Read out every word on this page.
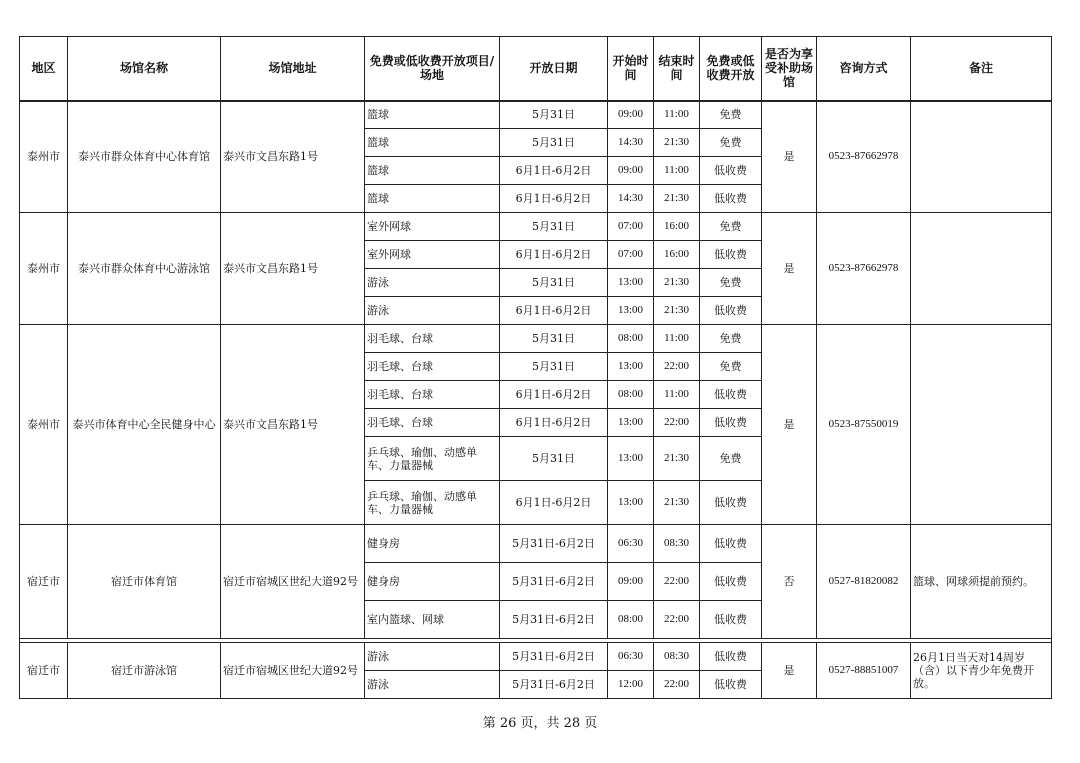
地区	场馆名称	场馆地址	免费或低收费开放项目/场地	开放日期	开始时间	结束时间	免费或低收费开放	是否为享受补助场馆	咨询方式	备注
泰州市	泰兴市群众体育中心体育馆	泰兴市文昌东路1号	篮球	5月31日	09:00	11:00	免费	是	0523-87662978	
			篮球	5月31日	14:30	21:30	免费			
			篮球	6月1日-6月2日	09:00	11:00	低收费			
			篮球	6月1日-6月2日	14:30	21:30	低收费			
泰州市	泰兴市群众体育中心游泳馆	泰兴市文昌东路1号	室外网球	5月31日	07:00	16:00	免费	是	0523-87662978	
			室外网球	6月1日-6月2日	07:00	16:00	低收费			
			游泳	5月31日	13:00	21:30	免费			
			游泳	6月1日-6月2日	13:00	21:30	低收费			
泰州市	泰兴市体育中心全民健身中心	泰兴市文昌东路1号	羽毛球、台球	5月31日	08:00	11:00	免费	是	0523-87550019	
			羽毛球、台球	5月31日	13:00	22:00	免费			
			羽毛球、台球	6月1日-6月2日	08:00	11:00	低收费			
			羽毛球、台球	6月1日-6月2日	13:00	22:00	低收费			
			乒乓球、瑜伽、动感单车、力量器械	5月31日	13:00	21:30	免费			
			乒乓球、瑜伽、动感单车、力量器械	6月1日-6月2日	13:00	21:30	低收费			
宿迁市	宿迁市体育馆	宿迁市宿城区世纪大道92号	健身房	5月31日-6月2日	06:30	08:30	低收费	否	0527-81820082	篮球、网球须提前预约。
			健身房	5月31日-6月2日	09:00	22:00	低收费			
			室内篮球、网球	5月31日-6月2日	08:00	22:00	低收费			

宿迁市	宿迁市游泳馆	宿迁市宿城区世纪大道92号	游泳	5月31日-6月2日	06:30	08:30	低收费	是	0527-88851007	26月1日当天对14周岁（含）以下青少年免费开放。
			游泳	5月31日-6月2日	12:00	22:00	低收费			
第 26 页，共 28 页
